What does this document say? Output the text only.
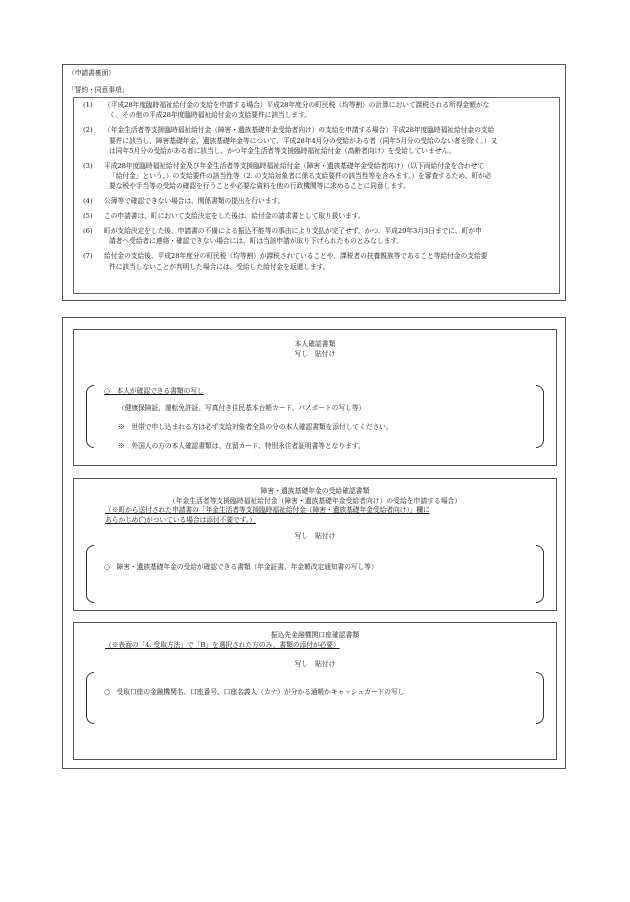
（申請書裏面）
「誓約・同意事項」
(1) （平成28年度臨時福祉給付金の支給を申請する場合）平成28年度分の町民税（均等割）の計算において課税される所得金額がな
く、その他の平成28年度臨時福祉給付金の支給要件に該当します。
(2) （年金生活者等支援臨時福祉給付金（障害・遺族基礎年金受給者向け）の支給を申請する場合）平成28年度臨時福祉給付金の支給
要件に該当し、障害基礎年金、遺族基礎年金等について、平成28年4月分の受給がある者（同年5月分の受給のない者を除く。）又
は同年5月分の受給がある者に該当し、かつ年金生活者等支援臨時福祉給付金（高齢者向け）を受給していません。
(3) 平成28年度臨時福祉給付金及び年金生活者等支援臨時福祉給付金（障害・遺族基礎年金受給者向け）（以下両給付金を合わせて
「給付金」という。）の支給要件の該当性等（2. の支給対象者に係る支給要件の該当性等を含みます。）を審査するため、町が必
要な税や手当等の受給の確認を行うことや必要な資料を他の行政機関等に求めることに同意します。
(4) 公簿等で確認できない場合は、関係書類の提出を行います。
(5) この申請書は、町において支給決定をした後は、給付金の請求書として取り扱います。
(6) 町が支給決定をした後、申請書の不備による振込不能等の事由により支払が完了せず、かつ、平成29年3月3日までに、町が申
請者へ受給者に連絡・確認できない場合には、町は当該申請が取り下げられたものとみなします。
(7) 給付金の支給後、平成28年度分の町民税（均等割）が課税されていることや、課税者の扶養親族等であること等給付金の支給要
件に該当しないことが判明した場合には、受給した給付金を返還します。
本人確認書類
写し　貼付け
○　本人が確認できる書類の写し
（健康保険証、運転免許証、写真付き住民基本台帳カード、パスポートの写し等）
※　世帯で申し込まれる方は必ず支給対象者全員の分の本人確認書類を添付してください。
※　外国人の方の本人確認書類は、在留カード、特別永住者証明書等となります。
障害・遺族基礎年金の受給確認書類
（年金生活者等支援臨時福祉給付金（障害・遺族基礎年金受給者向け）の受給を申請する場合）
（※町から送付された申請書の「年金生活者等支援臨時福祉給付金（障害・遺族基礎年金受給者向け）」欄に
あらかじめ◯がついている場合は添付不要です。）
写し　貼付け
○　障害・遺族基礎年金の受給が確認できる書類（年金証書、年金額改定通知書の写し等）
振込先金融機関口座確認書類
（※表面の「4. 受取方法」で「B」を選択された方のみ、書類の添付が必要）
写し　貼付け
○　受取口座の金融機関名、口座番号、口座名義人（カナ）が分かる通帳かキャッシュカードの写し
